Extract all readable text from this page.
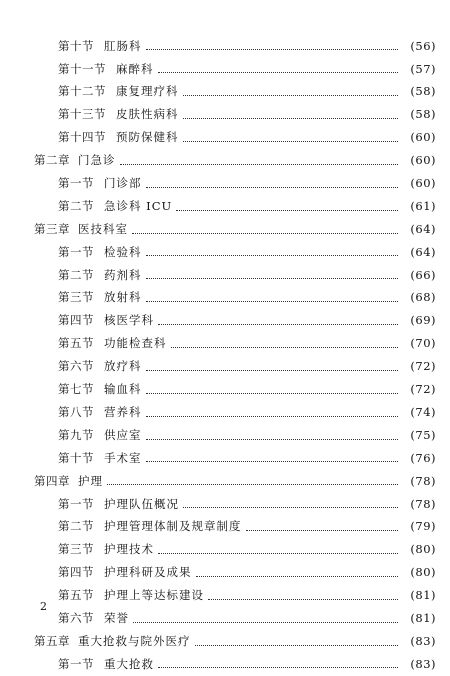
第十节 肛肠科	(56)
第十一节 麻醉科	(57)
第十二节 康复理疗科	(58)
第十三节 皮肤性病科	(58)
第十四节 预防保健科	(60)
第二章 门急诊	(60)
第一节 门诊部	(60)
第二节 急诊科 ICU	(61)
第三章 医技科室	(64)
第一节 检验科	(64)
第二节 药剂科	(66)
第三节 放射科	(68)
第四节 核医学科	(69)
第五节 功能检查科	(70)
第六节 放疗科	(72)
第七节 输血科	(72)
第八节 营养科	(74)
第九节 供应室	(75)
第十节 手术室	(76)
第四章 护理	(78)
第一节 护理队伍概况	(78)
第二节 护理管理体制及规章制度	(79)
第三节 护理技术	(80)
第四节 护理科研及成果	(80)
第五节 护理上等达标建设	(81)
第六节 荣誉	(81)
第五章 重大抢救与院外医疗	(83)
第一节 重大抢救	(83)
2
